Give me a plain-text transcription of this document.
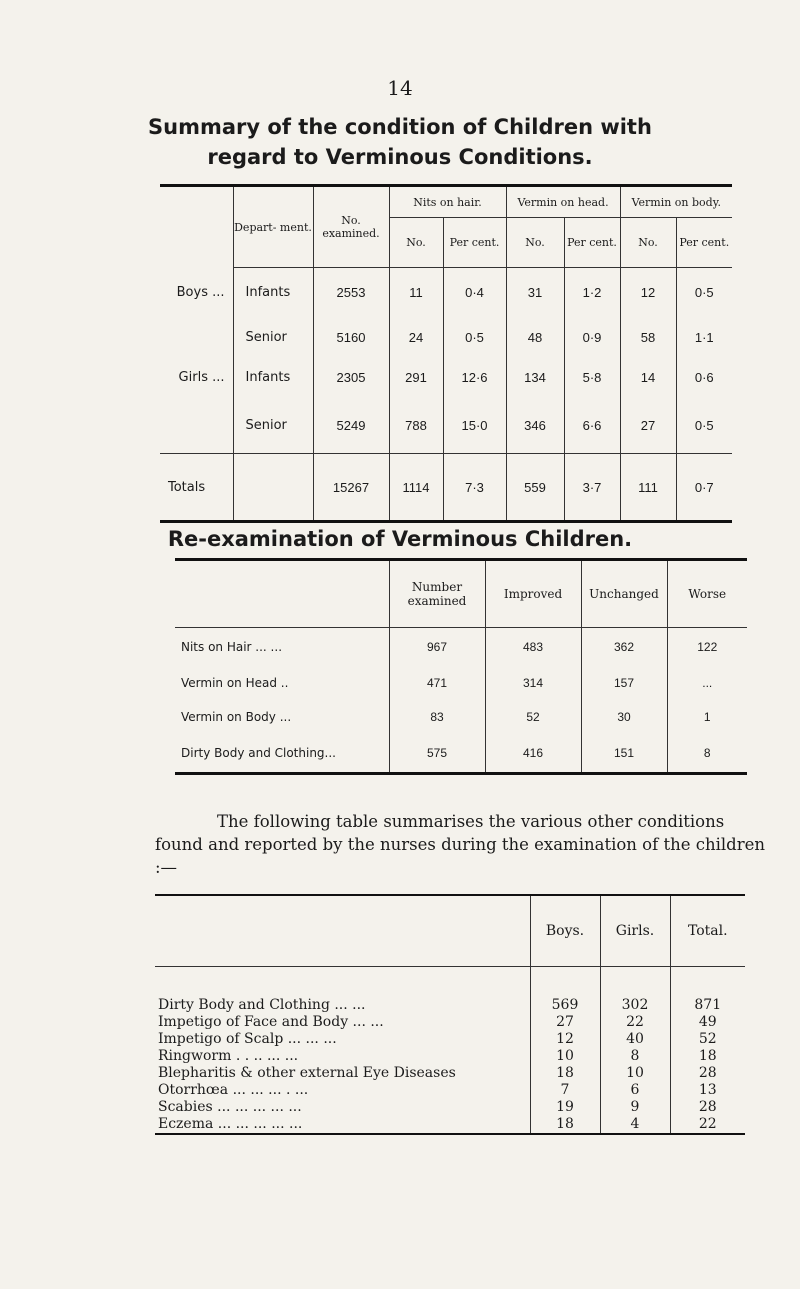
14
Summary of the condition of Children with
regard to Verminous Conditions.
	Depart- ment.	No. examined.	Nits on hair.		Vermin on head.		Vermin on body.	
			No.	Per cent.	No.	Per cent.	No.	Per cent.
Boys ...	Infants	2553	11	0·4	31	1·2	12	0·5
	Senior	5160	24	0·5	48	0·9	58	1·1
Girls ...	Infants	2305	291	12·6	134	5·8	14	0·6
	Senior	5249	788	15·0	346	6·6	27	0·5
Totals		15267	1114	7·3	559	3·7	111	0·7
Re-examination of Verminous Children.
	Number examined	Improved	Unchanged	Worse
Nits on Hair ... ...	967	483	362	122
Vermin on Head ..	471	314	157	...
Vermin on Body ...	83	52	30	1
Dirty Body and Clothing...	575	416	151	8
The following table summarises the various other conditions found and reported by the nurses during the examination of the children :—
	Boys.	Girls.	Total.

Dirty Body and Clothing ... ...	569	302	871
Impetigo of Face and Body ... ...	27	22	49
Impetigo of Scalp ... ... ...	12	40	52
Ringworm . . .. ... ...	10	8	18
Blepharitis & other external Eye Diseases	18	10	28
Otorrhœa ... ... ... . ...	7	6	13
Scabies ... ... ... ... ...	19	9	28
Eczema ... ... ... ... ...	18	4	22
